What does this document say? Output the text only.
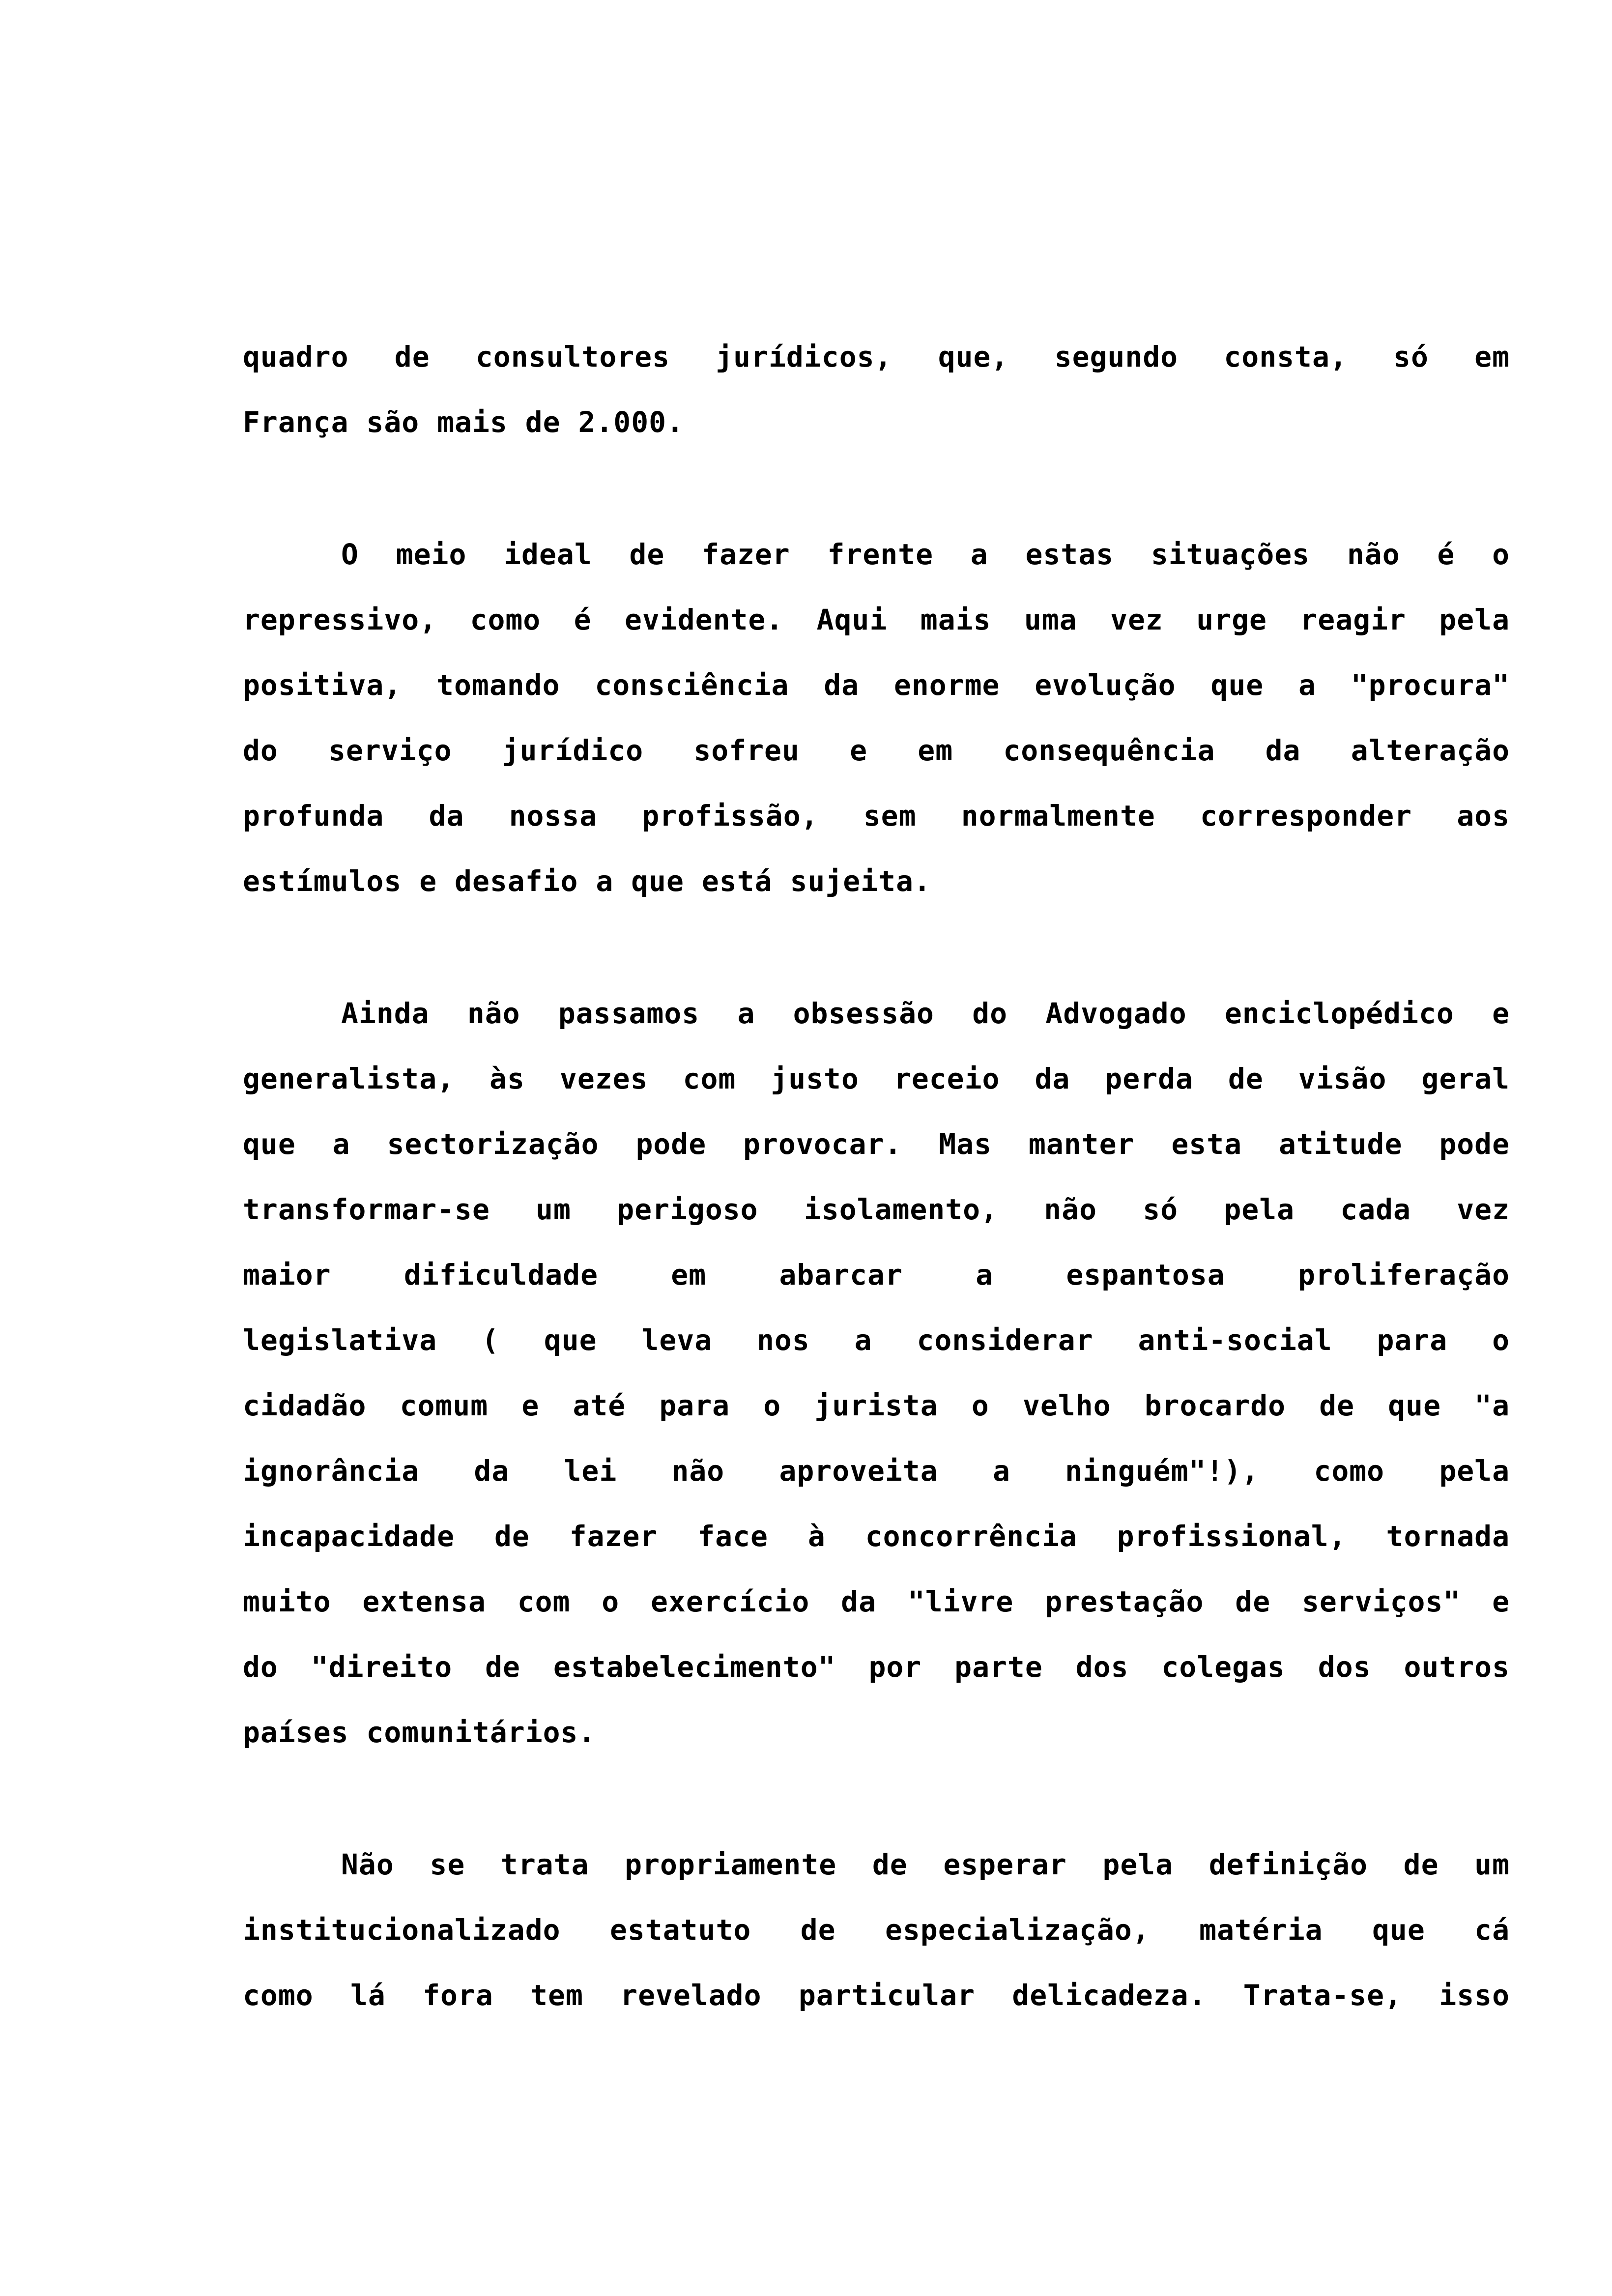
quadro de consultores jurídicos, que, segundo consta, só em
França são mais de 2.000.
O meio ideal de fazer frente a estas situações não é o
repressivo, como é evidente. Aqui mais uma vez urge reagir pela
positiva, tomando consciência da enorme evolução que a "procura"
do serviço jurídico sofreu e em consequência da alteração
profunda da nossa profissão, sem normalmente corresponder aos
estímulos e desafio a que está sujeita.
Ainda não passamos a obsessão do Advogado enciclopédico e
generalista, às vezes com justo receio da perda de visão geral
que a sectorização pode provocar. Mas manter esta atitude pode
transformar-se um perigoso isolamento, não só pela cada vez
maior dificuldade em abarcar a espantosa proliferação
legislativa ( que leva nos a considerar anti-social para o
cidadão comum e até para o jurista o velho brocardo de que "a
ignorância da lei não aproveita a ninguém"!), como pela
incapacidade de fazer face à concorrência profissional, tornada
muito extensa com o exercício da "livre prestação de serviços" e
do "direito de estabelecimento" por parte dos colegas dos outros
países comunitários.
Não se trata propriamente de esperar pela definição de um
institucionalizado estatuto de especialização, matéria que cá
como lá fora tem revelado particular delicadeza. Trata-se, isso
